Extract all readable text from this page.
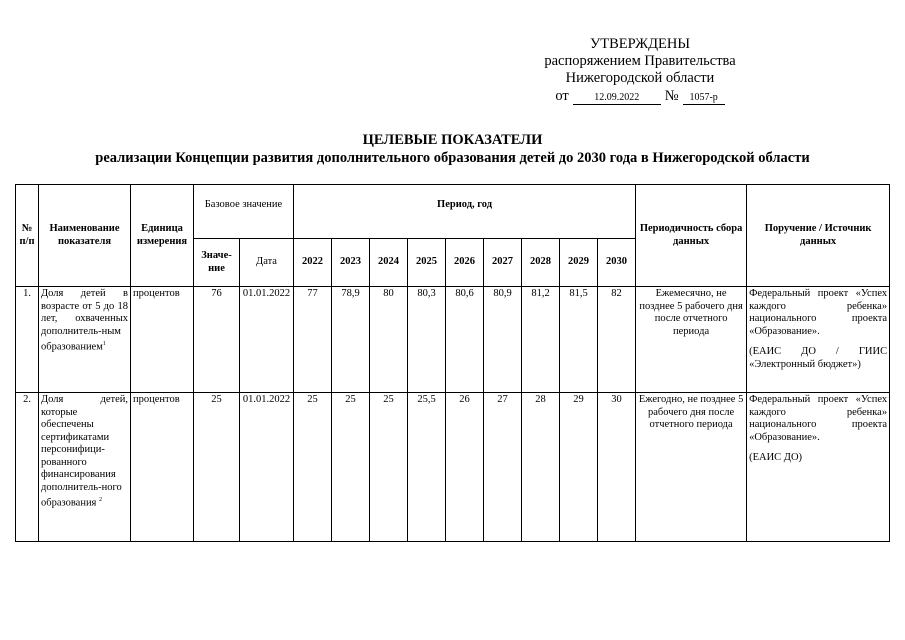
УТВЕРЖДЕНЫ
распоряжением Правительства
Нижегородской области
от	12.09.2022	№	1057-р
ЦЕЛЕВЫЕ ПОКАЗАТЕЛИ
реализации Концепции развития дополнительного образования детей до 2030 года в Нижегородской области
№ п/п	Наименование показателя	Единица измерения	Базовое значение		Период, год									Периодичность сбора данных	Поручение / Источник данных
			Значе-ние	Дата	2022	2023	2024	2025	2026	2027	2028	2029	2030		
1.	Доля детей в возрасте от 5 до 18 лет, охваченных дополнитель-ным образованием$^1$	процентов	76	01.01.2022	77	78,9	80	80,3	80,6	80,9	81,2	81,5	82	Ежемесячно, не позднее 5 рабочего дня после отчетного периода	Федеральный проект «Успех каждого ребенка» национального проекта «Образование».
(ЕАИС ДО / ГИИС «Электронный бюджет»)

2.	Доля детей, которые обеспечены сертификатами персонифици-рованного финансирования дополнитель-ного образования $^2$	процентов	25	01.01.2022	25	25	25	25,5	26	27	28	29	30	Ежегодно, не позднее 5 рабочего дня после отчетного периода	Федеральный проект «Успех каждого ребенка» национального проекта «Образование».
(ЕАИС ДО)
